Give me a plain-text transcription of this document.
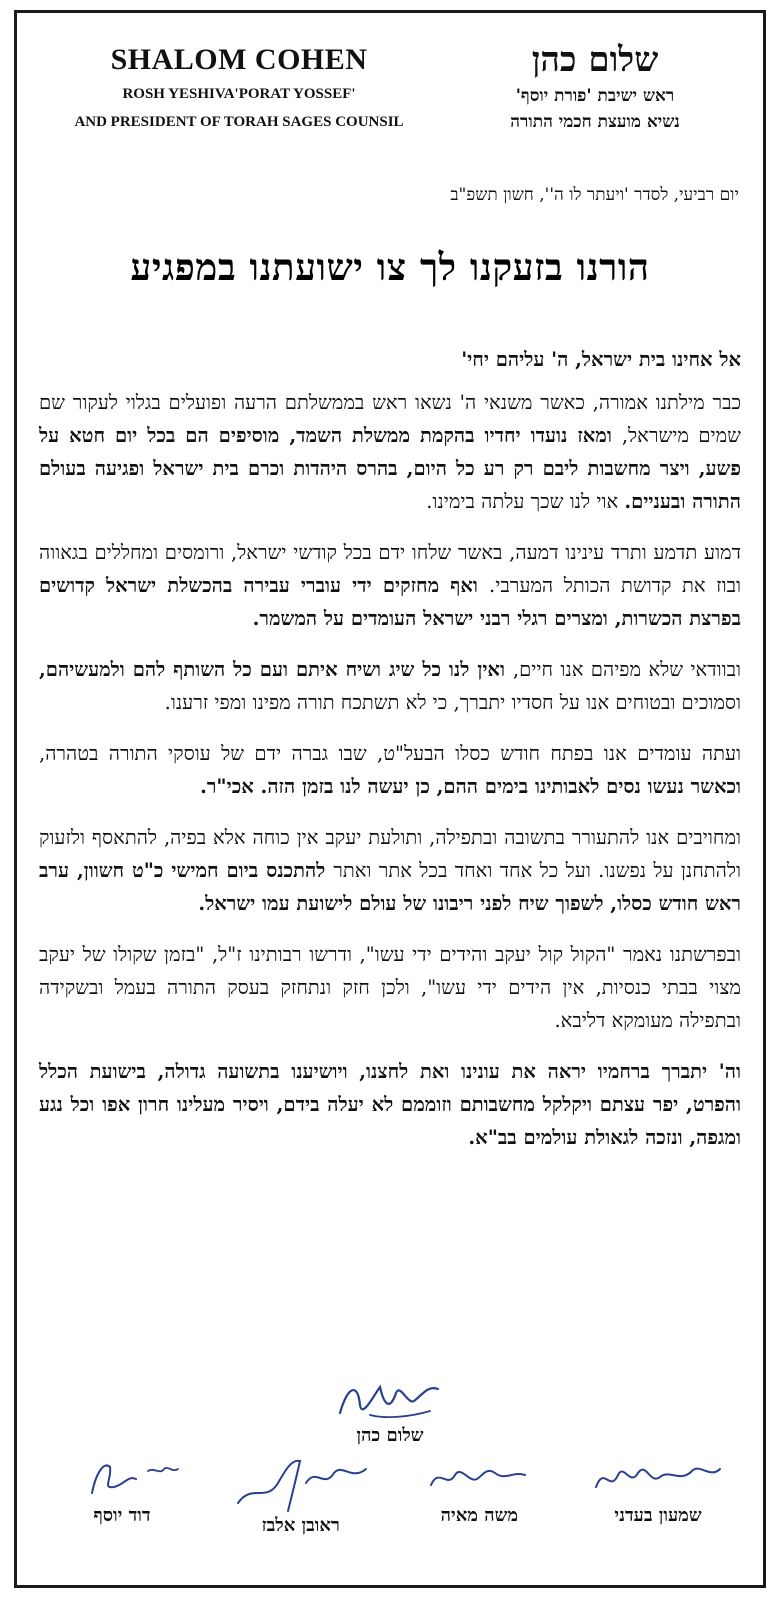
SHALOM COHEN
ROSH YESHIVA'PORAT YOSSEF'
AND PRESIDENT OF TORAH SAGES COUNSIL
שלום כהן
ראש ישיבת 'פורת יוסף'
נשיא מועצת חכמי התורה
יום רביעי, לסדר 'ויעתר לו ה'', חשון תשפ"ב
הורנו בזעקנו לך צו ישועתנו במפגיע

אל אחינו בית ישראל, ה' עליהם יחי'

כבר מילתנו אמורה, כאשר משנאי ה' נשאו ראש בממשלתם הרעה ופועלים בגלוי לעקור שם שמים מישראל, ומאז נועדו יחדיו בהקמת ממשלת השמד, מוסיפים הם בכל יום חטא על פשע, ויצר מחשבות ליבם רק רע כל היום, בהרס היהדות וכרם בית ישראל ופגיעה בעולם התורה ובעניים. אוי לנו שכך עלתה בימינו.

דמוע תדמע ותרד עינינו דמעה, באשר שלחו ידם בכל קודשי ישראל, ורומסים ומחללים בגאווה ובוז את קדושת הכותל המערבי. ואף מחזקים ידי עוברי עבירה בהכשלת ישראל קדושים בפרצת הכשרות, ומצרים רגלי רבני ישראל העומדים על המשמר.

ובוודאי שלא מפיהם אנו חיים, ואין לנו כל שיג ושיח איתם ועם כל השותף להם ולמעשיהם, וסמוכים ובטוחים אנו על חסדיו יתברך, כי לא תשתכח תורה מפינו ומפי זרענו.

ועתה עומדים אנו בפתח חודש כסלו הבעל"ט, שבו גברה ידם של עוסקי התורה בטהרה, וכאשר נעשו נסים לאבותינו בימים ההם, כן יעשה לנו בזמן הזה. אכי"ר.

ומחויבים אנו להתעורר בתשובה ובתפילה, ותולעת יעקב אין כוחה אלא בפיה, להתאסף ולזעוק ולהתחנן על נפשנו. ועל כל אחד ואחד בכל אתר ואתר להתכנס ביום חמישי כ"ט חשוון, ערב ראש חודש כסלו, לשפוך שיח לפני ריבונו של עולם לישועת עמו ישראל.

ובפרשתנו נאמר "הקול קול יעקב והידים ידי עשו", ודרשו רבותינו ז"ל, "בזמן שקולו של יעקב מצוי בבתי כנסיות, אין הידים ידי עשו", ולכן חזק ונתחזק בעסק התורה בעמל ובשקידה ובתפילה מעומקא דליבא.

וה' יתברך ברחמיו יראה את עונינו ואת לחצנו, ויושיענו בתשועה גדולה, בישועת הכלל והפרט, יפר עצתם ויקלקל מחשבותם וזוממם לא יעלה בידם, ויסיר מעלינו חרון אפו וכל נגע ומגפה, ונזכה לגאולת עולמים בב"א.

שלום כהן
שמעון בעדני
משה מאיה
ראובן אלבז
דוד יוסף
